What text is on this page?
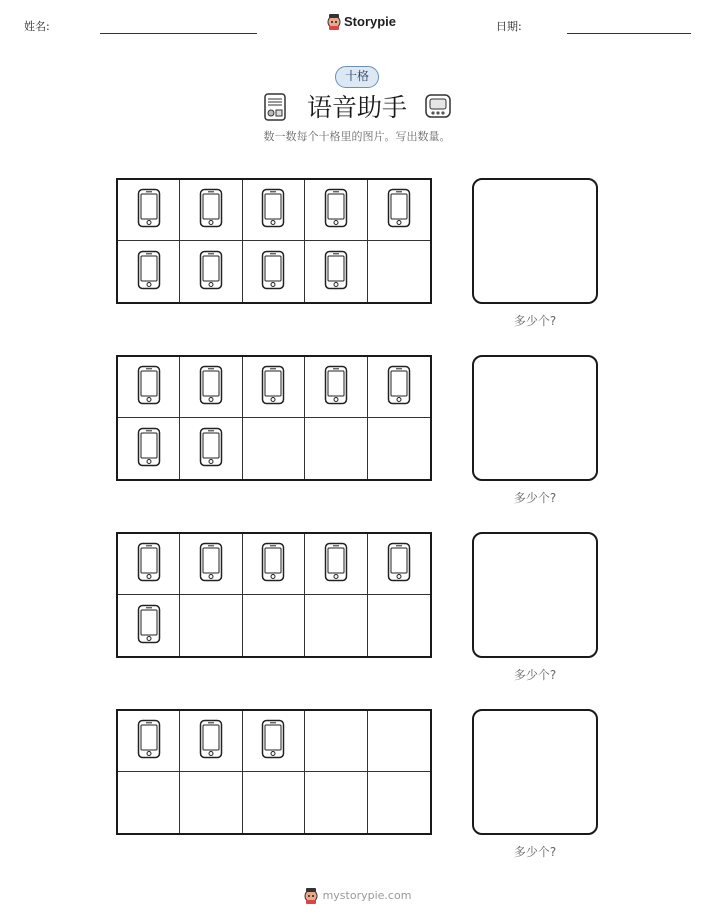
姓名:	Storypie	日期:
十格
语音助手
数一数每个十格里的图片。写出数量。
多少个?
多少个?
多少个?
多少个?
mystorypie.com
